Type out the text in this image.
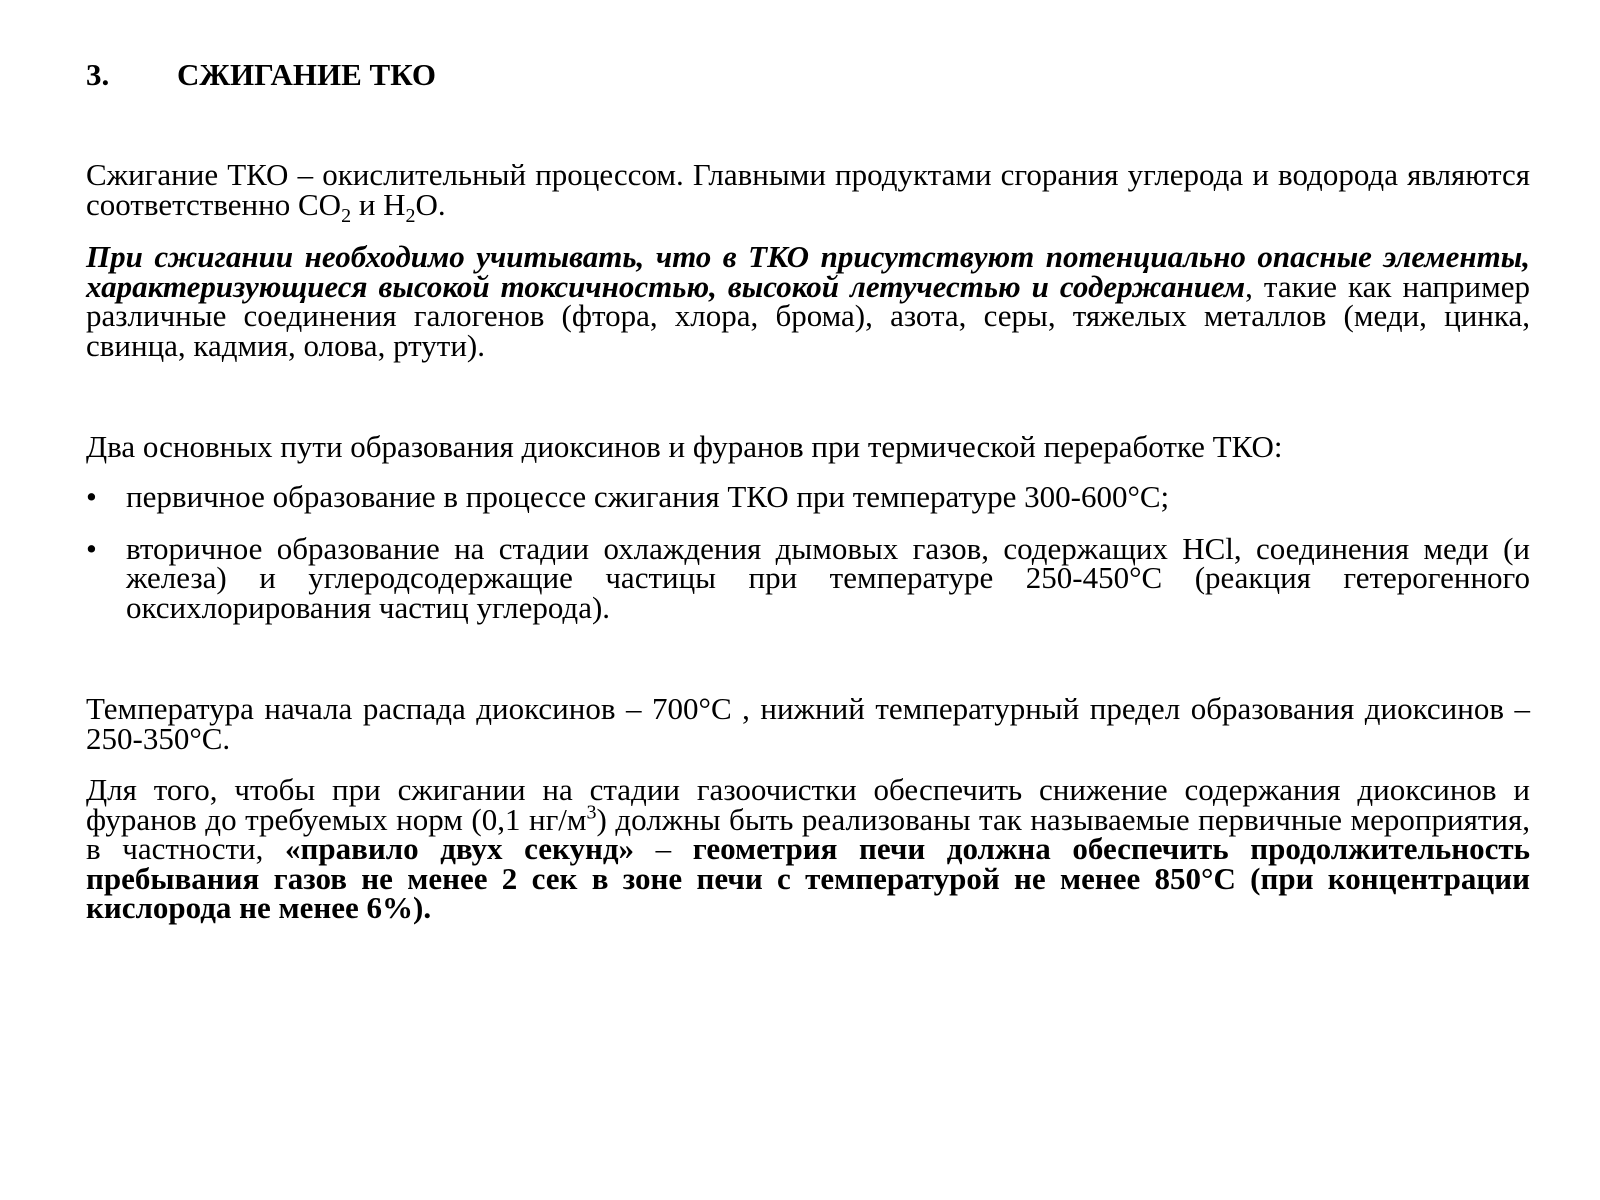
3. СЖИГАНИЕ ТКО

Сжигание ТКО – окислительный процессом. Главными продуктами сгорания углерода и водорода являются соответственно $CO_2$ и $H_2O$.

При сжигании необходимо учитывать, что в ТКО присутствуют потенциально опасные элементы, характеризующиеся высокой токсичностью, высокой летучестью и содержанием, такие как например различные соединения галогенов (фтора, хлора, брома), азота, серы, тяжелых металлов (меди, цинка, свинца, кадмия, олова, ртути).

Два основных пути образования диоксинов и фуранов при термической переработке ТКО:

• первичное образование в процессе сжигания ТКО при температуре 300-600°С;
• вторичное образование на стадии охлаждения дымовых газов, содержащих HCl, соединения меди (и железа) и углеродсодержащие частицы при температуре 250-450°С (реакция гетерогенного оксихлорирования частиц углерода).

Температура начала распада диоксинов – 700°С , нижний температурный предел образования диоксинов – 250-350°С.

Для того, чтобы при сжигании на стадии газоочистки обеспечить снижение содержания диоксинов и фуранов до требуемых норм (0,1 $нг/м^3$) должны быть реализованы так называемые первичные мероприятия, в частности, «правило двух секунд» – геометрия печи должна обеспечить продолжительность пребывания газов не менее 2 сек в зоне печи с температурой не менее 850°С (при концентрации кислорода не менее 6%).
